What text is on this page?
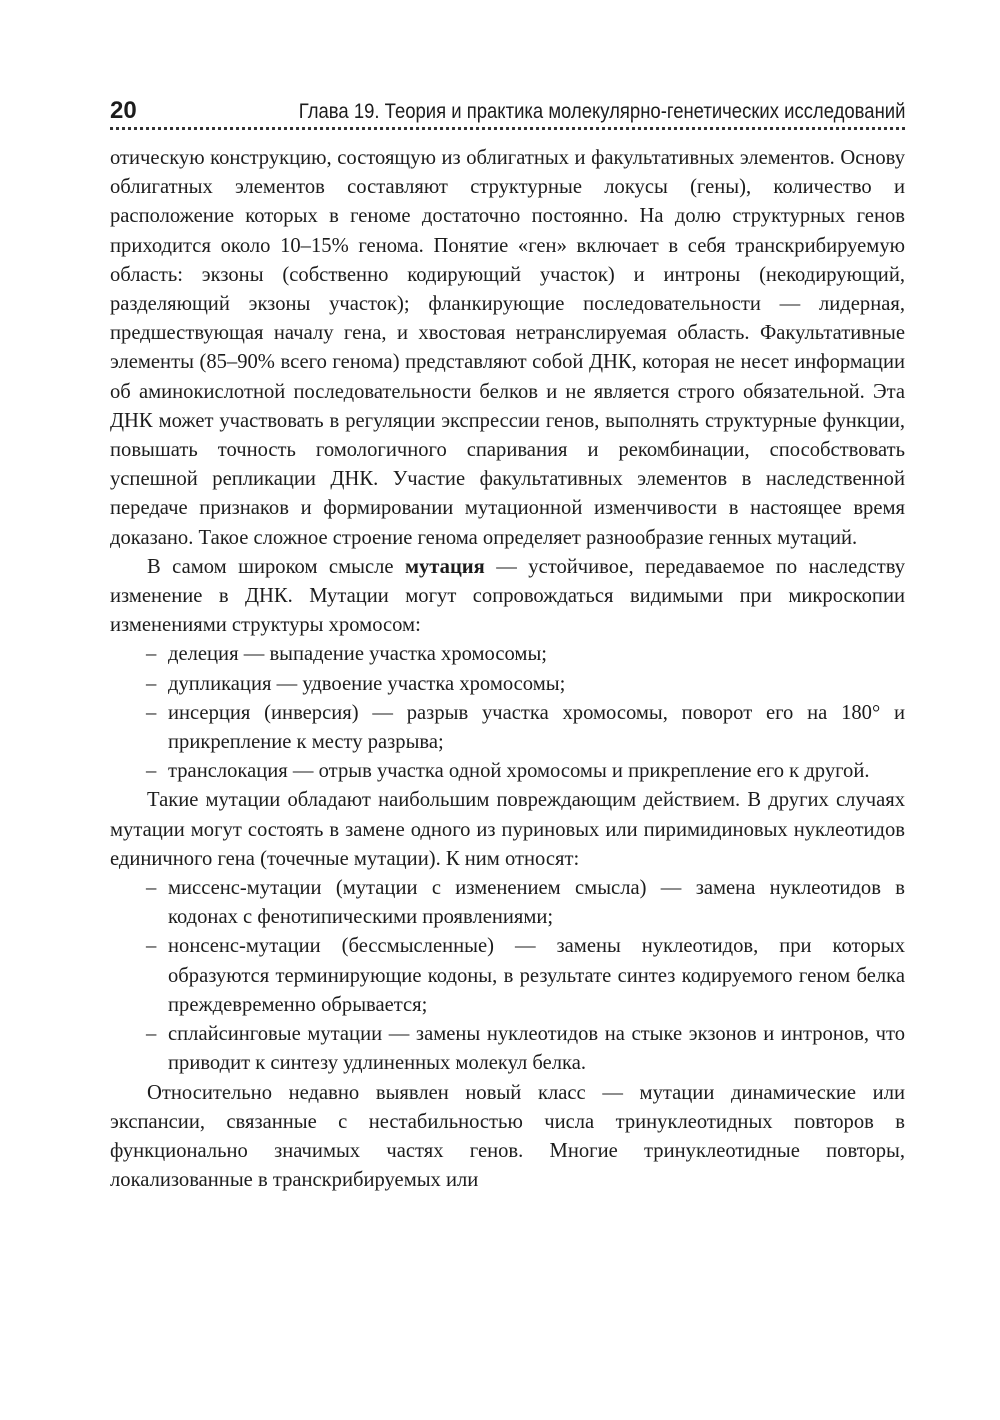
20	Глава 19. Теория и практика молекулярно-генетических исследований

отическую конструкцию, состоящую из облигатных и факультативных элементов. Основу облигатных элементов составляют структурные локусы (гены), количество и расположение которых в геноме достаточно постоянно. На долю структурных генов приходится около 10–15% генома. Понятие «ген» включает в себя транскрибируемую область: экзоны (собственно кодирующий участок) и интроны (некодирующий, разделяющий экзоны участок); фланкирующие последовательности — лидерная, предшествующая началу гена, и хвостовая нетранслируемая область. Факультативные элементы (85–90% всего генома) представляют собой ДНК, которая не несет информации об аминокислотной последовательности белков и не является строго обязательной. Эта ДНК может участвовать в регуляции экспрессии генов, выполнять структурные функции, повышать точность гомологичного спаривания и рекомбинации, способствовать успешной репликации ДНК. Участие факультативных элементов в наследственной передаче признаков и формировании мутационной изменчивости в настоящее время доказано. Такое сложное строение генома определяет разнообразие генных мутаций.

В самом широком смысле мутация — устойчивое, передаваемое по наследству изменение в ДНК. Мутации могут сопровождаться видимыми при микроскопии изменениями структуры хромосом:

– делеция — выпадение участка хромосомы;
– дупликация — удвоение участка хромосомы;
– инсерция (инверсия) — разрыв участка хромосомы, поворот его на 180° и прикрепление к месту разрыва;
– транслокация — отрыв участка одной хромосомы и прикрепление его к другой.

Такие мутации обладают наибольшим повреждающим действием. В других случаях мутации могут состоять в замене одного из пуриновых или пиримидиновых нуклеотидов единичного гена (точечные мутации). К ним относят:

– миссенс-мутации (мутации с изменением смысла) — замена нуклеотидов в кодонах с фенотипическими проявлениями;
– нонсенс-мутации (бессмысленные) — замены нуклеотидов, при которых образуются терминирующие кодоны, в результате синтез кодируемого геном белка преждевременно обрывается;
– сплайсинговые мутации — замены нуклеотидов на стыке экзонов и интронов, что приводит к синтезу удлиненных молекул белка.

Относительно недавно выявлен новый класс — мутации динамические или экспансии, связанные с нестабильностью числа тринуклеотидных повторов в функционально значимых частях генов. Многие тринуклеотидные повторы, локализованные в транскрибируемых или
